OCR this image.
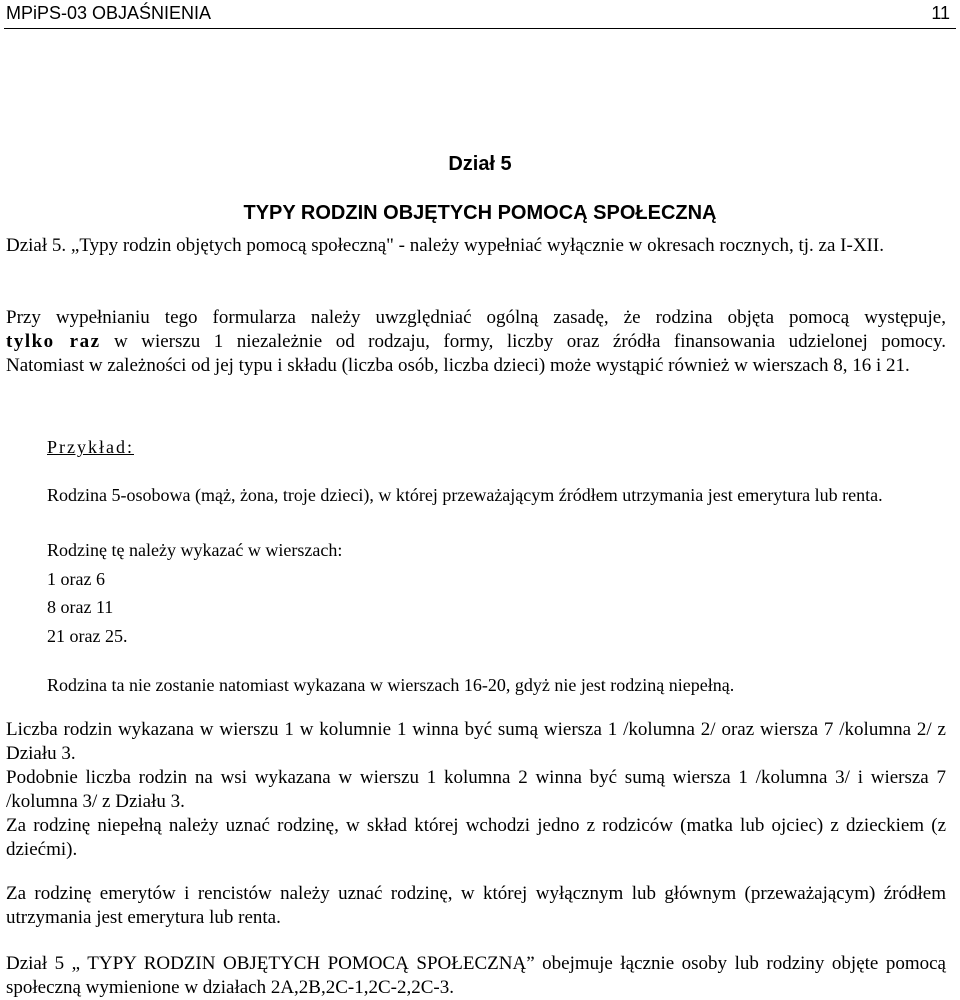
MPiPS-03 OBJAŚNIENIA	11
Dział 5
TYPY RODZIN OBJĘTYCH POMOCĄ SPOŁECZNĄ
Dział 5. „Typy rodzin objętych pomocą społeczną" - należy wypełniać wyłącznie w okresach rocznych, tj. za I-XII.
Przy wypełnianiu tego formularza należy uwzględniać ogólną zasadę, że rodzina objęta pomocą występuje,
tylko raz w wierszu 1 niezależnie od rodzaju, formy, liczby oraz źródła finansowania udzielonej pomocy.
Natomiast w zależności od jej typu i składu (liczba osób, liczba dzieci) może wystąpić również w wierszach 8, 16 i 21.
Przykład:
Rodzina 5-osobowa (mąż, żona, troje dzieci), w której przeważającym źródłem utrzymania jest emerytura lub renta.
Rodzinę tę należy wykazać w wierszach:
1 oraz 6
8 oraz 11
21 oraz 25.
Rodzina ta nie zostanie natomiast wykazana w wierszach 16-20, gdyż nie jest rodziną niepełną.
Liczba rodzin wykazana w wierszu 1 w kolumnie 1 winna być sumą wiersza 1 /kolumna 2/ oraz wiersza 7 /kolumna 2/ z Działu 3.
Podobnie liczba rodzin na wsi wykazana w wierszu 1 kolumna 2 winna być sumą wiersza 1 /kolumna 3/ i wiersza 7 /kolumna 3/ z Działu 3.
Za rodzinę niepełną należy uznać rodzinę, w skład której wchodzi jedno z rodziców (matka lub ojciec) z dzieckiem (z dziećmi).
Za rodzinę emerytów i rencistów należy uznać rodzinę, w której wyłącznym lub głównym (przeważającym) źródłem utrzymania jest emerytura lub renta.
Dział 5 „ TYPY RODZIN OBJĘTYCH POMOCĄ SPOŁECZNĄ” obejmuje łącznie osoby lub rodziny objęte pomocą społeczną wymienione w działach 2A,2B,2C-1,2C-2,2C-3.
